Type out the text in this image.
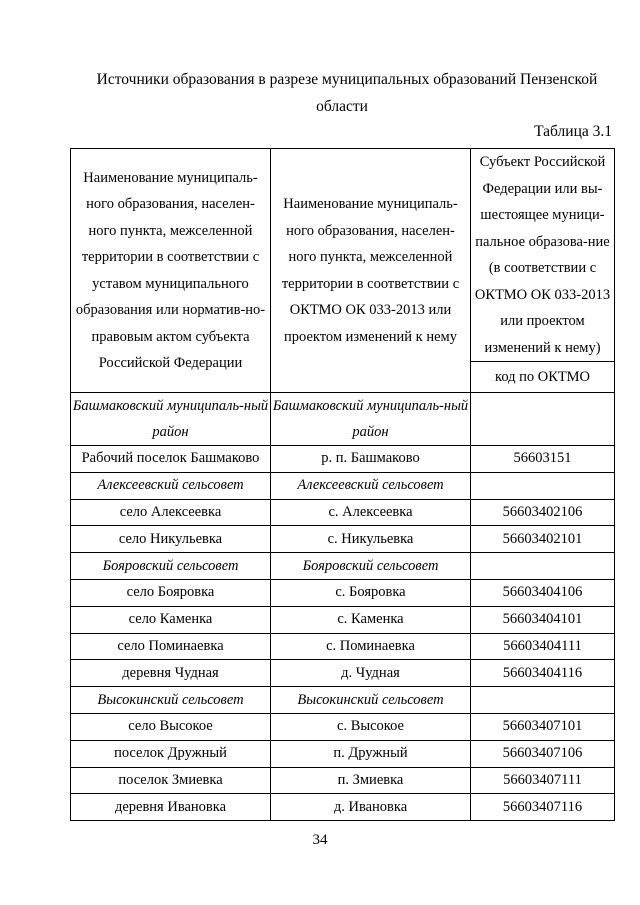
Источники образования в разрезе муниципальных образований Пензенской
области
Таблица 3.1
Наименование муниципаль-ного образования, населен-ного пункта, межселенной территории в соответствии с уставом муниципального образования или норматив-но-правовым актом субъекта Российской Федерации	Наименование муниципаль-ного образования, населен-ного пункта, межселенной территории в соответствии с ОКТМО ОК 033-2013 или проектом изменений к нему	Субъект Российской Федерации или вы-шестоящее муници-пальное образова-ние (в соответствии с ОКТМО ОК 033-2013 или проектом изменений к нему)
		код по ОКТМО
Башмаковский муниципаль-ный район	Башмаковский муниципаль-ный район	
Рабочий поселок Башмаково	р. п. Башмаково	56603151
Алексеевский сельсовет	Алексеевский сельсовет	
село Алексеевка	с. Алексеевка	56603402106
село Никульевка	с. Никульевка	56603402101
Бояровский сельсовет	Бояровский сельсовет	
село Бояровка	с. Бояровка	56603404106
село Каменка	с. Каменка	56603404101
село Поминаевка	с. Поминаевка	56603404111
деревня Чудная	д. Чудная	56603404116
Высокинский сельсовет	Высокинский сельсовет	
село Высокое	с. Высокое	56603407101
поселок Дружный	п. Дружный	56603407106
поселок Змиевка	п. Змиевка	56603407111
деревня Ивановка	д. Ивановка	56603407116
34
